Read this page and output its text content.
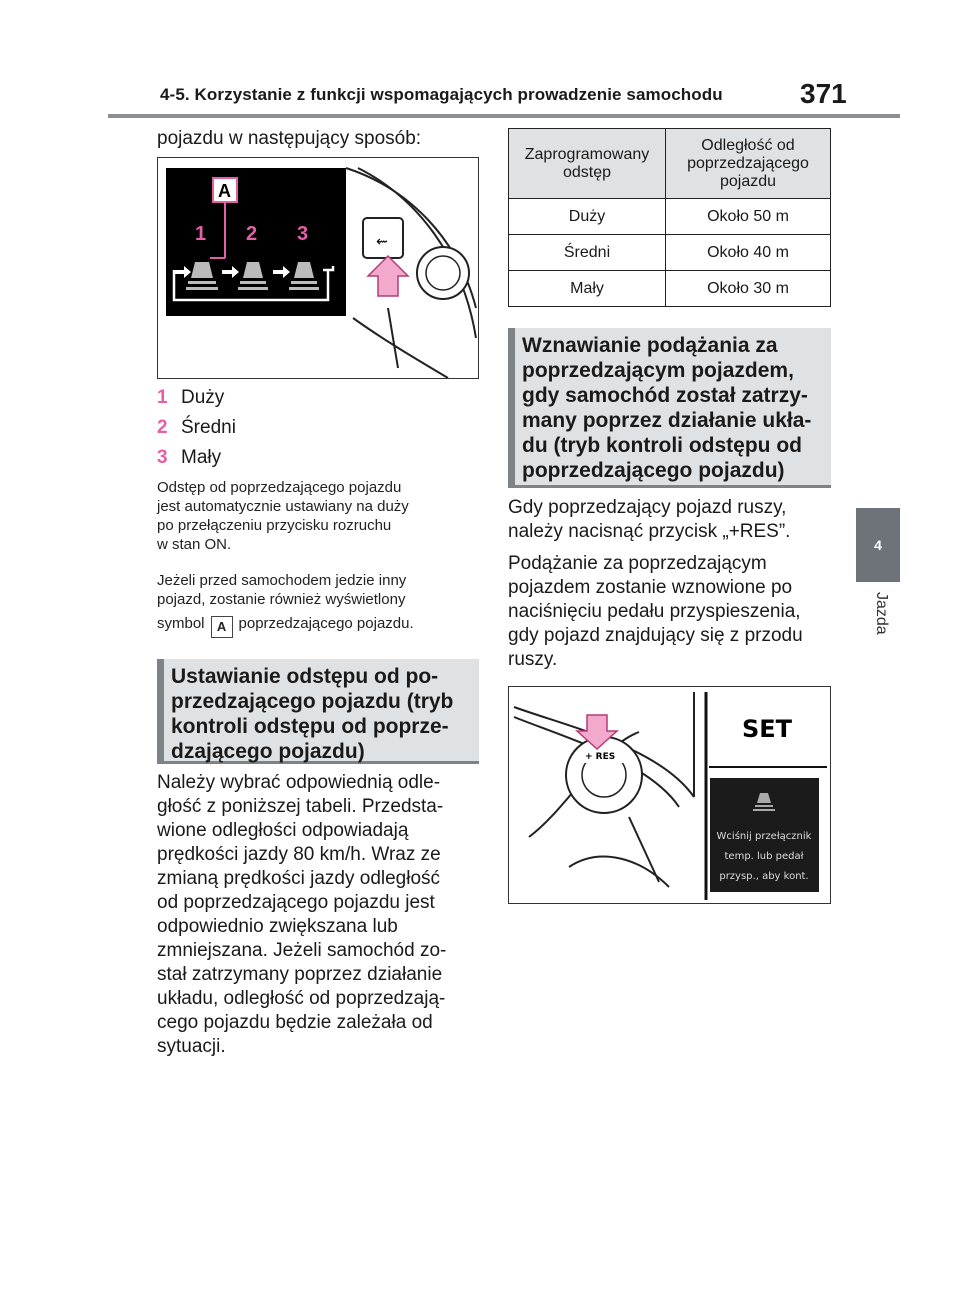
4-5. Korzystanie z funkcji wspomagających prowadzenie samochodu	371
4
Jazda
pojazdu w następujący sposób:
⇜
A
1 2 3
1 Duży
2 Średni
3 Mały
Odstęp od poprzedzającego pojazdu
jest automatycznie ustawiany na duży
po przełączeniu przycisku rozruchu
w stan ON.
Jeżeli przed samochodem jedzie inny
pojazd, zostanie również wyświetlony
symbol A poprzedzającego pojazdu.
Ustawianie odstępu od po-
przedzającego pojazdu (tryb
kontroli odstępu od poprze-
dzającego pojazdu)
Należy wybrać odpowiednią odle-
głość z poniższej tabeli. Przedsta-
wione odległości odpowiadają
prędkości jazdy 80 km/h. Wraz ze
zmianą prędkości jazdy odległość
od poprzedzającego pojazdu jest
odpowiednio zwiększana lub
zmniejszana. Jeżeli samochód zo-
stał zatrzymany poprzez działanie
układu, odległość od poprzedzają-
cego pojazdu będzie zależała od
sytuacji.
Zaprogramowany odstęp	Odległość od poprzedzającego pojazdu
Duży	Około 50 m
Średni	Około 40 m
Mały	Około 30 m
Wznawianie podążania za
poprzedzającym pojazdem,
gdy samochód został zatrzy-
many poprzez działanie ukła-
du (tryb kontroli odstępu od
poprzedzającego pojazdu)
Gdy poprzedzający pojazd ruszy,
należy nacisnąć przycisk „+RES”.
Podążanie za poprzedzającym
pojazdem zostanie wznowione po
naciśnięciu pedału przyspieszenia,
gdy pojazd znajdujący się z przodu
ruszy.
+ RES
SET
Wciśnij przełącznik
temp. lub pedał
przysp., aby kont.
